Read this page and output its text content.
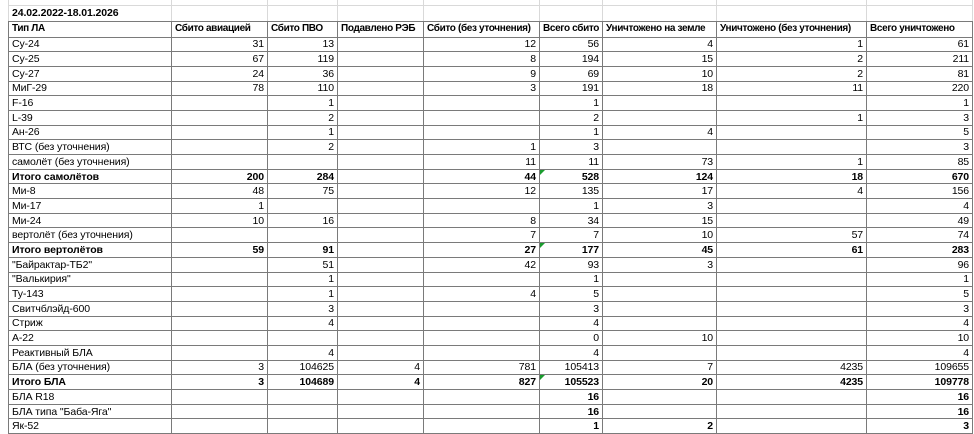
24.02.2022-18.01.2026								
Тип ЛА	Сбито авиацией	Сбито ПВО	Подавлено РЭБ	Сбито (без уточнения)	Всего сбито	Уничтожено на земле	Уничтожено (без уточнения)	Всего уничтожено
Су-24	31	13		12	56	4	1	61
Су-25	67	119		8	194	15	2	211
Су-27	24	36		9	69	10	2	81
МиГ-29	78	110		3	191	18	11	220
F-16		1			1			1
L-39		2			2		1	3
Ан-26		1			1	4		5
ВТС (без уточнения)		2		1	3			3
самолёт (без уточнения)				11	11	73	1	85
Итого самолётов	200	284		44	528	124	18	670
Ми-8	48	75		12	135	17	4	156
Ми-17	1				1	3		4
Ми-24	10	16		8	34	15		49
вертолёт (без уточнения)				7	7	10	57	74
Итого вертолётов	59	91		27	177	45	61	283
"Байрактар-ТБ2"		51		42	93	3		96
"Валькирия"		1			1			1
Ту-143		1		4	5			5
Свитчблэйд-600		3			3			3
Стриж		4			4			4
А-22					0	10		10
Реактивный БЛА		4			4			4
БЛА (без уточнения)	3	104625	4	781	105413	7	4235	109655
Итого БЛА	3	104689	4	827	105523	20	4235	109778
БЛА R18					16			16
БЛА типа "Баба-Яга"					16			16
Як-52					1	2		3
